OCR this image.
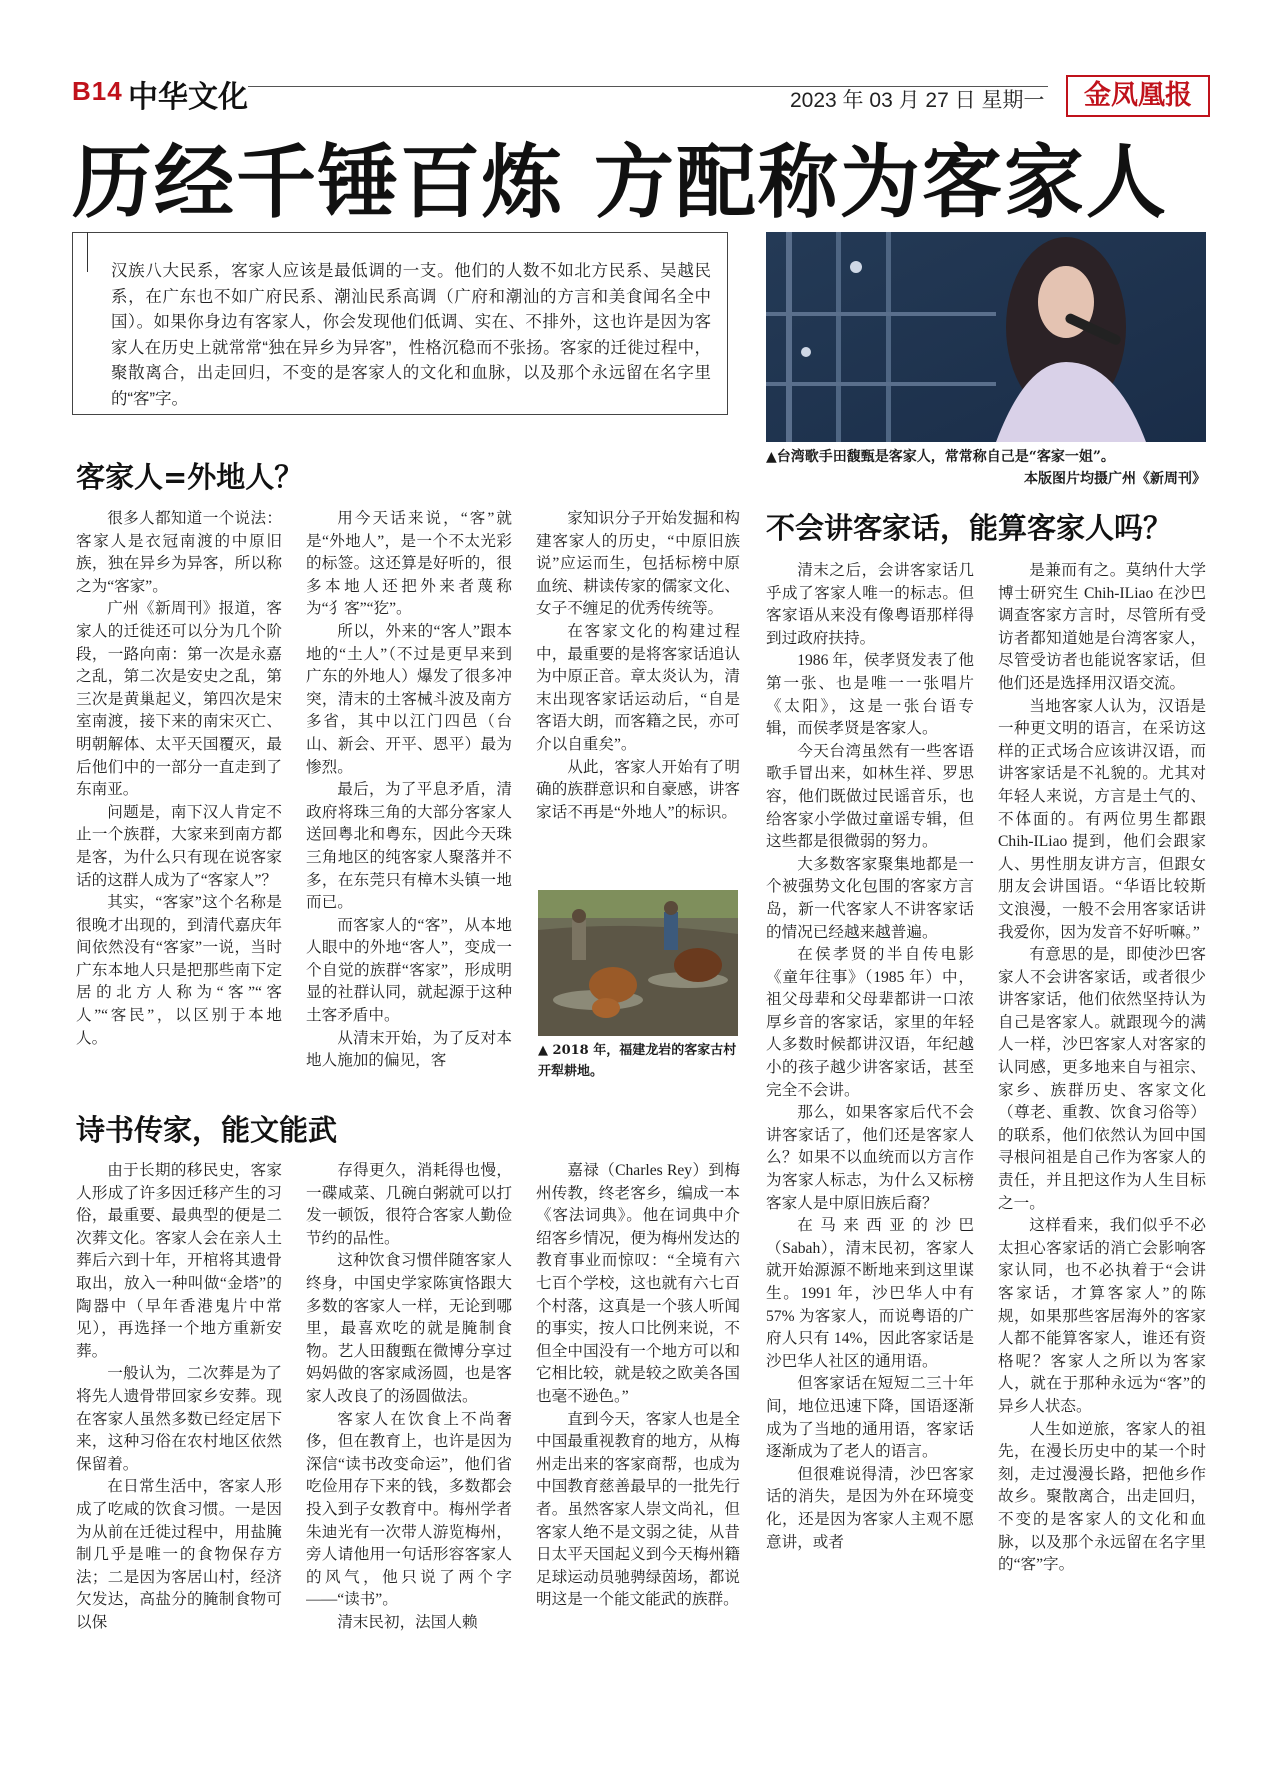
B14 中华文化	2023 年 03 月 27 日 星期一	金凤凰报
历经千锤百炼 方配称为客家人
汉族八大民系，客家人应该是最低调的一支。他们的人数不如北方民系、吴越民系，在广东也不如广府民系、潮汕民系高调（广府和潮汕的方言和美食闻名全中国）。如果你身边有客家人，你会发现他们低调、实在、不排外，这也许是因为客家人在历史上就常常“独在异乡为异客”，性格沉稳而不张扬。客家的迁徙过程中，聚散离合，出走回归，不变的是客家人的文化和血脉，以及那个永远留在名字里的“客”字。
▲台湾歌手田馥甄是客家人，常常称自己是“客家一姐”。
本版图片均摄广州《新周刊》
客家人=外地人？
不会讲客家话，能算客家人吗？
诗书传家，能文能武

很多人都知道一个说法：客家人是衣冠南渡的中原旧族，独在异乡为异客，所以称之为“客家”。

广州《新周刊》报道，客家人的迁徙还可以分为几个阶段，一路向南：第一次是永嘉之乱，第二次是安史之乱，第三次是黄巢起义，第四次是宋室南渡，接下来的南宋灭亡、明朝解体、太平天国覆灭，最后他们中的一部分一直走到了东南亚。

问题是，南下汉人肯定不止一个族群，大家来到南方都是客，为什么只有现在说客家话的这群人成为了“客家人”？

其实，“客家”这个名称是很晚才出现的，到清代嘉庆年间依然没有“客家”一说，当时广东本地人只是把那些南下定居的北方人称为“客”“客人”“客民”，以区别于本地人。

用今天话来说，“客”就是“外地人”，是一个不太光彩的标签。这还算是好听的，很多本地人还把外来者蔑称为“犭客”“犵”。

所以，外来的“客人”跟本地的“土人”（不过是更早来到广东的外地人）爆发了很多冲突，清末的土客械斗波及南方多省，其中以江门四邑（台山、新会、开平、恩平）最为惨烈。

最后，为了平息矛盾，清政府将珠三角的大部分客家人送回粤北和粤东，因此今天珠三角地区的纯客家人聚落并不多，在东莞只有樟木头镇一地而已。

而客家人的“客”，从本地人眼中的外地“客人”，变成一个自觉的族群“客家”，形成明显的社群认同，就起源于这种土客矛盾中。

从清末开始，为了反对本地人施加的偏见，客

家知识分子开始发掘和构建客家人的历史，“中原旧族说”应运而生，包括标榜中原血统、耕读传家的儒家文化、女子不缠足的优秀传统等。

在客家文化的构建过程中，最重要的是将客家话追认为中原正音。章太炎认为，清末出现客家话运动后，“自是客语大朗，而客籍之民，亦可介以自重矣”。

从此，客家人开始有了明确的族群意识和自豪感，讲客家话不再是“外地人”的标识。

▲ 2018 年，福建龙岩的客家古村开犁耕地。

清末之后，会讲客家话几乎成了客家人唯一的标志。但客家语从来没有像粤语那样得到过政府扶持。

1986 年，侯孝贤发表了他第一张、也是唯一一张唱片《太阳》，这是一张台语专辑，而侯孝贤是客家人。

今天台湾虽然有一些客语歌手冒出来，如林生祥、罗思容，他们既做过民谣音乐，也给客家小学做过童谣专辑，但这些都是很微弱的努力。

大多数客家聚集地都是一个被强势文化包围的客家方言岛，新一代客家人不讲客家话的情况已经越来越普遍。

在侯孝贤的半自传电影《童年往事》（1985 年）中，祖父母辈和父母辈都讲一口浓厚乡音的客家话，家里的年轻人多数时候都讲汉语，年纪越小的孩子越少讲客家话，甚至完全不会讲。

那么，如果客家后代不会讲客家话了，他们还是客家人么？如果不以血统而以方言作为客家人标志，为什么又标榜客家人是中原旧族后裔？

在马来西亚的沙巴（Sabah），清末民初，客家人就开始源源不断地来到这里谋生。1991 年，沙巴华人中有 57% 为客家人，而说粤语的广府人只有 14%，因此客家话是沙巴华人社区的通用语。

但客家话在短短二三十年间，地位迅速下降，国语逐渐成为了当地的通用语，客家话逐渐成为了老人的语言。

但很难说得清，沙巴客家话的消失，是因为外在环境变化，还是因为客家人主观不愿意讲，或者

是兼而有之。莫纳什大学博士研究生 Chih-ILiao 在沙巴调查客家方言时，尽管所有受访者都知道她是台湾客家人，尽管受访者也能说客家话，但他们还是选择用汉语交流。

当地客家人认为，汉语是一种更文明的语言，在采访这样的正式场合应该讲汉语，而讲客家话是不礼貌的。尤其对年轻人来说，方言是土气的、不体面的。有两位男生都跟 Chih-ILiao 提到，他们会跟家人、男性朋友讲方言，但跟女朋友会讲国语。“华语比较斯文浪漫，一般不会用客家话讲我爱你，因为发音不好听嘛。”

有意思的是，即使沙巴客家人不会讲客家话，或者很少讲客家话，他们依然坚持认为自己是客家人。就跟现今的满人一样，沙巴客家人对客家的认同感，更多地来自与祖宗、家乡、族群历史、客家文化（尊老、重教、饮食习俗等）的联系，他们依然认为回中国寻根问祖是自己作为客家人的责任，并且把这作为人生目标之一。

这样看来，我们似乎不必太担心客家话的消亡会影响客家认同，也不必执着于“会讲客家话，才算客家人”的陈规，如果那些客居海外的客家人都不能算客家人，谁还有资格呢？客家人之所以为客家人，就在于那种永远为“客”的异乡人状态。

人生如逆旅，客家人的祖先，在漫长历史中的某一个时刻，走过漫漫长路，把他乡作故乡。聚散离合，出走回归，不变的是客家人的文化和血脉，以及那个永远留在名字里的“客”字。

由于长期的移民史，客家人形成了许多因迁移产生的习俗，最重要、最典型的便是二次葬文化。客家人会在亲人土葬后六到十年，开棺将其遗骨取出，放入一种叫做“金塔”的陶器中（早年香港鬼片中常见），再选择一个地方重新安葬。

一般认为，二次葬是为了将先人遗骨带回家乡安葬。现在客家人虽然多数已经定居下来，这种习俗在农村地区依然保留着。

在日常生活中，客家人形成了吃咸的饮食习惯。一是因为从前在迁徙过程中，用盐腌制几乎是唯一的食物保存方法；二是因为客居山村，经济欠发达，高盐分的腌制食物可以保

存得更久，消耗得也慢，一碟咸菜、几碗白粥就可以打发一顿饭，很符合客家人勤俭节约的品性。

这种饮食习惯伴随客家人终身，中国史学家陈寅恪跟大多数的客家人一样，无论到哪里，最喜欢吃的就是腌制食物。艺人田馥甄在微博分享过妈妈做的客家咸汤圆，也是客家人改良了的汤圆做法。

客家人在饮食上不尚奢侈，但在教育上，也许是因为深信“读书改变命运”，他们省吃俭用存下来的钱，多数都会投入到子女教育中。梅州学者朱迪光有一次带人游览梅州，旁人请他用一句话形容客家人的风气，他只说了两个字——“读书”。

清末民初，法国人赖

嘉禄（Charles Rey）到梅州传教，终老客乡，编成一本《客法词典》。他在词典中介绍客乡情况，便为梅州发达的教育事业而惊叹：“全境有六七百个学校，这也就有六七百个村落，这真是一个骇人听闻的事实，按人口比例来说，不但全中国没有一个地方可以和它相比较，就是较之欧美各国也毫不逊色。”

直到今天，客家人也是全中国最重视教育的地方，从梅州走出来的客家商帮，也成为中国教育慈善最早的一批先行者。虽然客家人崇文尚礼，但客家人绝不是文弱之徒，从昔日太平天国起义到今天梅州籍足球运动员驰骋绿茵场，都说明这是一个能文能武的族群。
